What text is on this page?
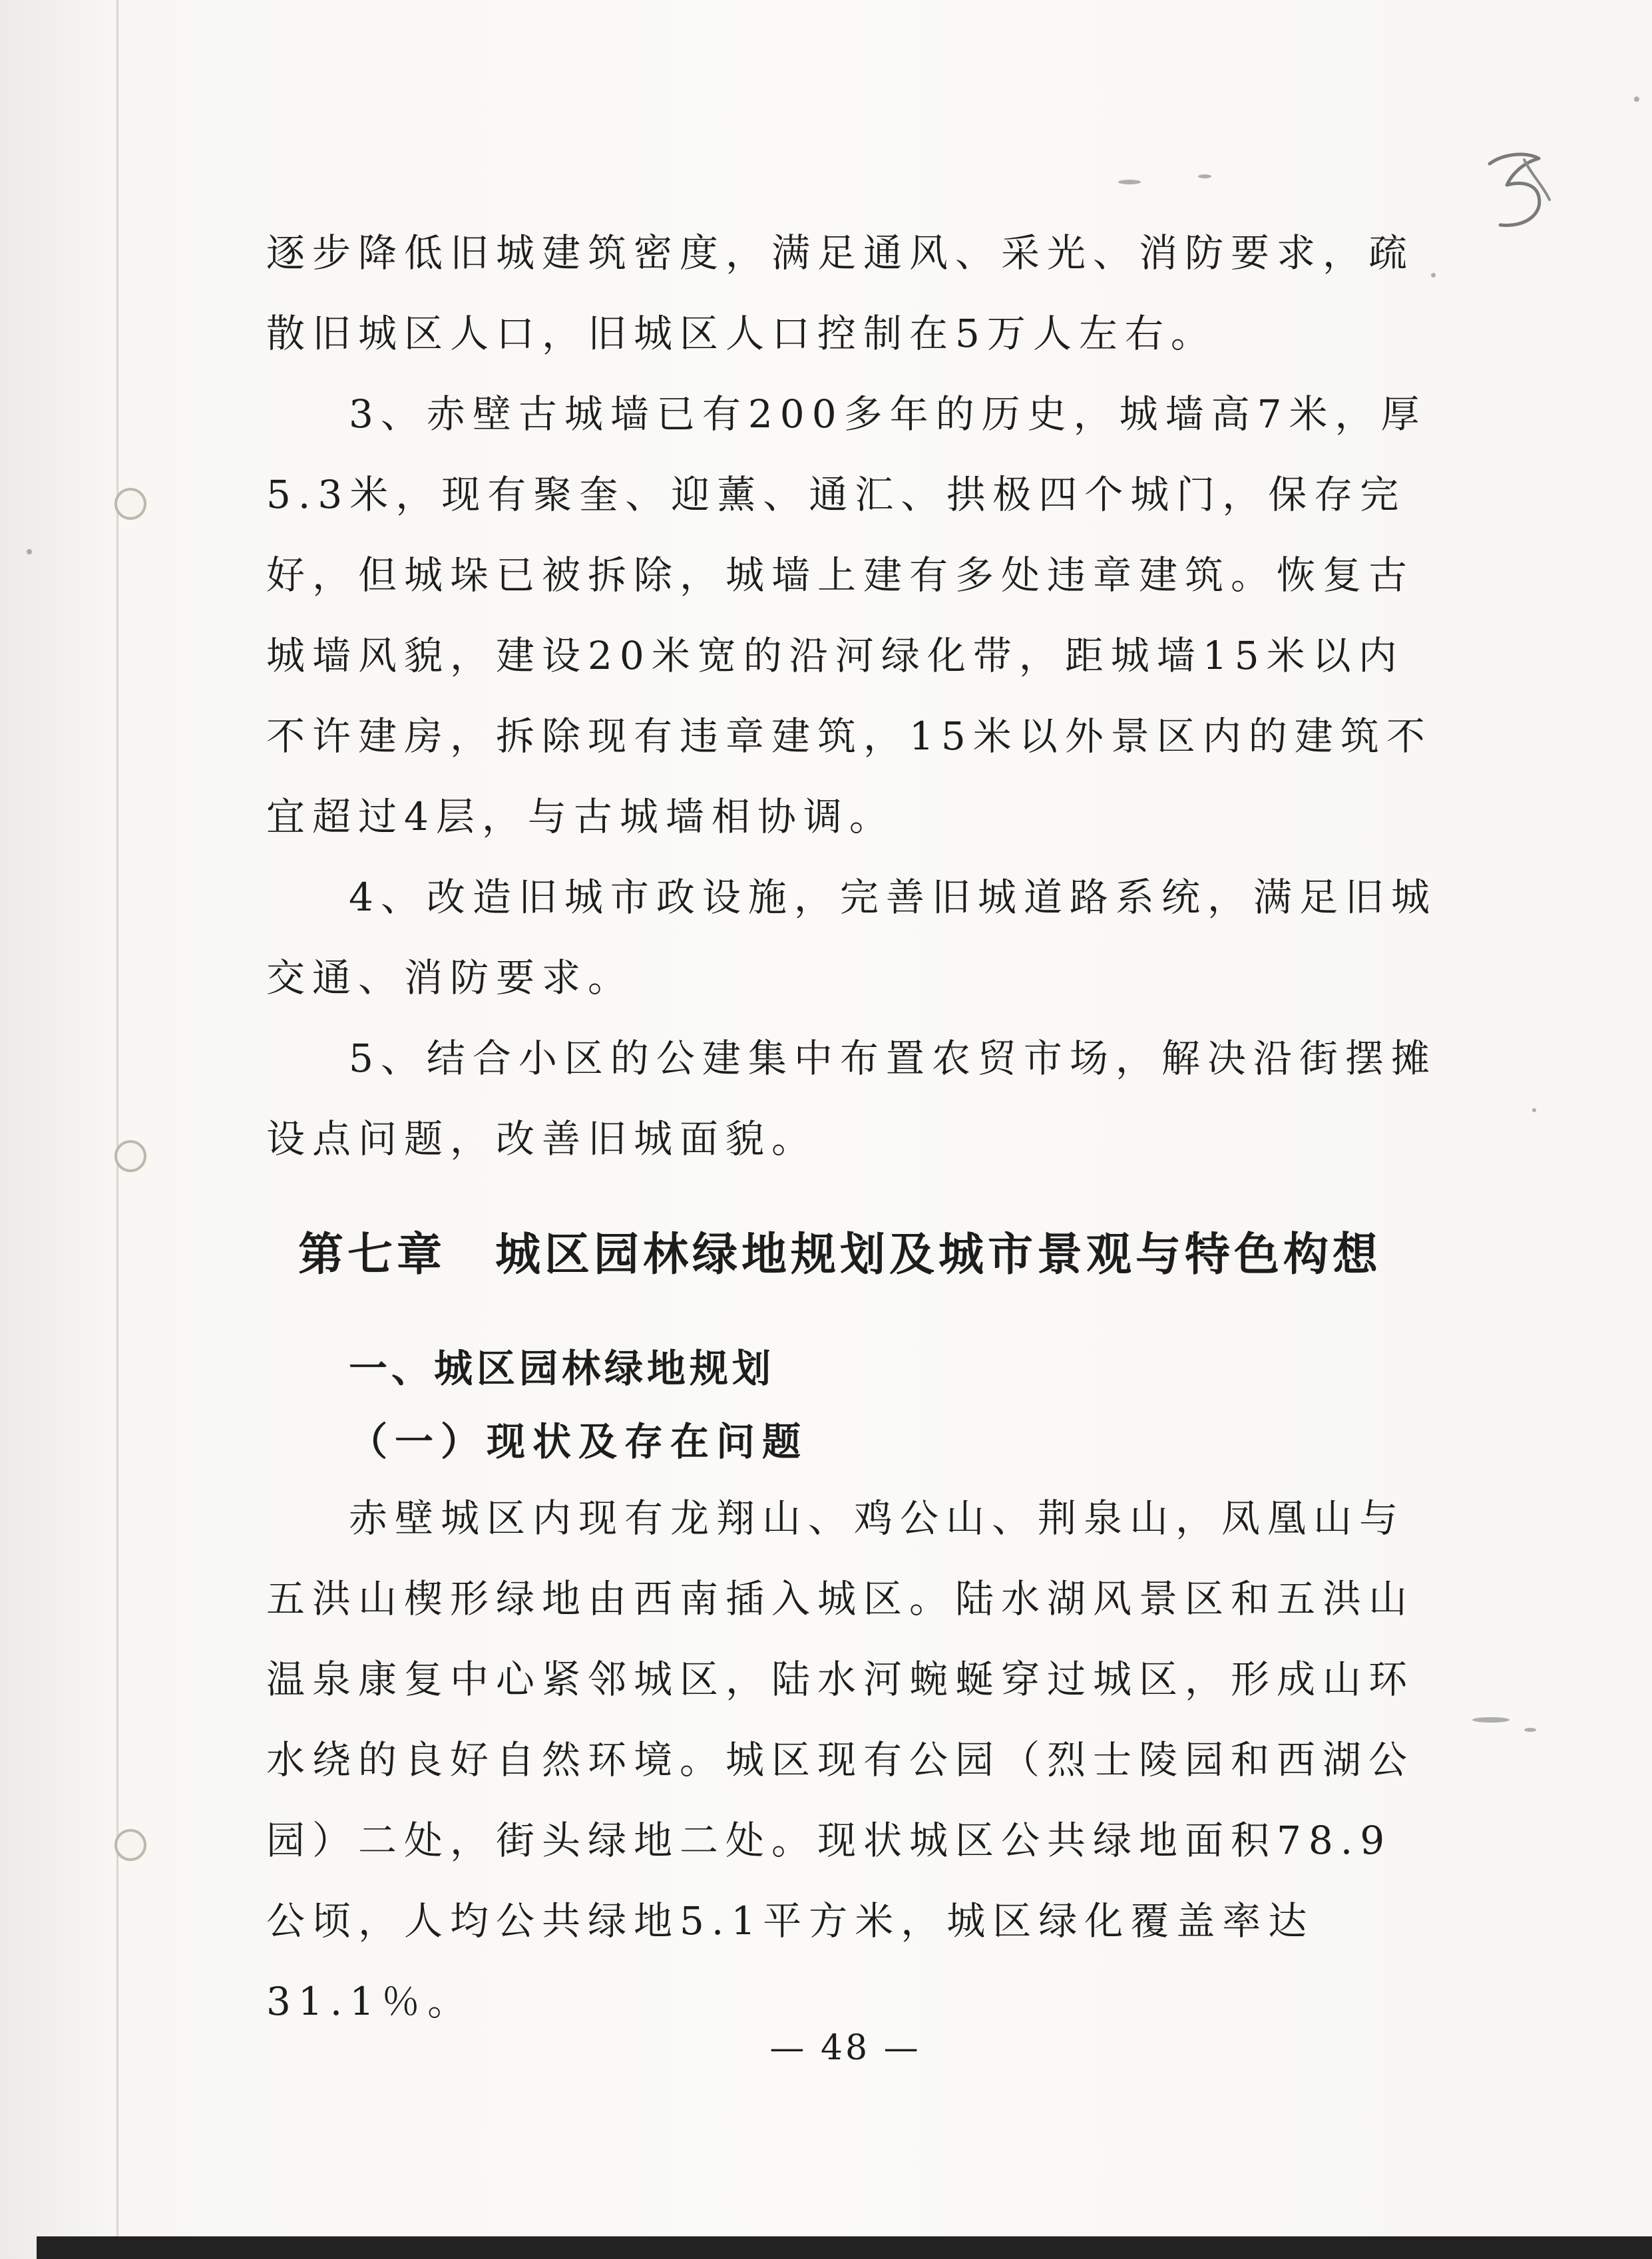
逐步降低旧城建筑密度，满足通风、采光、消防要求，疏散旧城区人口，旧城区人口控制在5万人左右。

3、赤壁古城墙已有200多年的历史，城墙高7米，厚5.3米，现有聚奎、迎薰、通汇、拱极四个城门，保存完好，但城垛已被拆除，城墙上建有多处违章建筑。恢复古城墙风貌，建设20米宽的沿河绿化带，距城墙15米以内不许建房，拆除现有违章建筑，15米以外景区内的建筑不宜超过4层，与古城墙相协调。

4、改造旧城市政设施，完善旧城道路系统，满足旧城交通、消防要求。

5、结合小区的公建集中布置农贸市场，解决沿街摆摊设点问题，改善旧城面貌。

第七章　城区园林绿地规划及城市景观与特色构想
一、城区园林绿地规划
（一）现状及存在问题

赤壁城区内现有龙翔山、鸡公山、荆泉山，凤凰山与五洪山楔形绿地由西南插入城区。陆水湖风景区和五洪山温泉康复中心紧邻城区，陆水河蜿蜒穿过城区，形成山环水绕的良好自然环境。城区现有公园（烈士陵园和西湖公园）二处，街头绿地二处。现状城区公共绿地面积78.9公顷，人均公共绿地5.1平方米，城区绿化覆盖率达31.1％。

— 48 —
